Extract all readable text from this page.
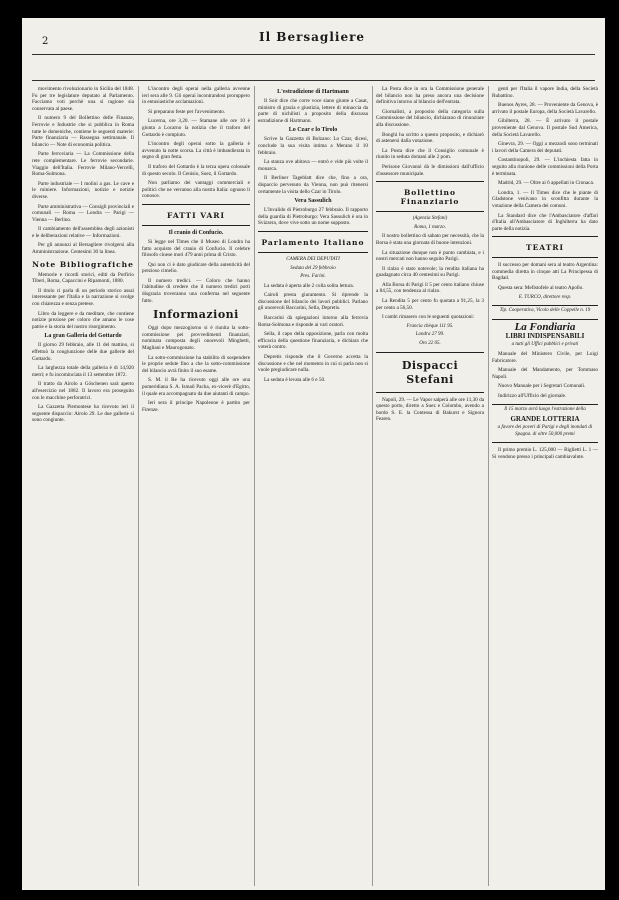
2	Il Bersagliere

movimento rivoluzionario in Sicilia del 1848. Fu per tre legislature deputato al Parlamento. Facciamo voti perchè una sì ragione sia conservata al paese.

Il numero 9 del Bollettino delle Finanze, Ferrovie e Industrie che si pubblica in Roma tutte le domeniche, contiene le seguenti materie: Parte finanziaria — Rassegna settimanale. Il bilancio — Note di economia politica.

Parte ferroviaria — La Commissione della rete complementare. Le ferrovie secondarie. Viaggio dell'Italia. Ferrovie Milano-Vercelli, Roma-Sulmona.

Parte industriale — I molini a gas. Le cave e le miniere. Informazioni, notizie e notizie diverse.

Parte amministrativa — Consigli provinciali e comunali — Roma — Londra — Parigi — Vienna — Berlino.

Il cambiamento dell'assemblea degli azionisti e le deliberazioni relative — Informazioni.

Per gli annunzi al Bersagliere rivolgersi alla Amministrazione. Centesimi 30 la linea.

Note Bibliografiche

Memorie e ricordi storici, editi da Porfirio Tiberi, Roma, Capaccini e Ripamonti, 1880.

Il titolo ci parla di un periodo storico assai interessante per l'Italia e la narrazione si svolge con chiarezza e senza pretese.

Libro da leggere e da meditare, che contiene notizie preziose per coloro che amano le cose patrie e la storia del nostro risorgimento.

La gran Galleria del Gottardo

Il giorno 29 febbraio, alle 11 del mattino, si effettuò la congiunzione delle due gallerie del Gottardo.

La larghezza totale della galleria è di 14,920 metri; e fu incominciata il 13 settembre 1872.

Il tratto da Airolo a Göschenen sarà aperto all'esercizio nel 1882. Il lavoro era proseguito con le macchine perforatrici.

La Gazzetta Piemontese ha ricevuto ieri il seguente dispaccio: Airolo 29. Le due gallerie si sono congiunte.

L'incontro degli operai nella galleria avvenne ieri sera alle 9. Gli operai incontrandosi proruppero in entusiastiche acclamazioni.

Si preparano feste per l'avvenimento.

Lucerna, ore 3,20. — Stamane alle ore 10 è giunta a Locarno la notizia che il traforo del Gottardo è compiuto.

L'incontro degli operai sotto la galleria è avvenuto la notte scorsa. La città è imbandierata in segno di gran festa.

Il traforo del Gottardo è la terza opera colossale di questo secolo. Il Cenisio, Suez, il Gottardo.

Non parliamo dei vantaggi commerciali e politici che ne verranno alla nostra Italia: ognuno li conosce.

FATTI VARI
Il cranio di Confucio.

Si legge nel Times che il Museo di Londra ha fatto acquisto del cranio di Confucio. Il celebre filosofo cinese morì 479 anni prima di Cristo.

Qui non ci è dato giudicare della autenticità del prezioso cimelio.

Il numero tredici. — Coloro che hanno l'abitudine di credere che il numero tredici porti disgrazia troveranno una conferma nel seguente fatto.

Informazioni

Oggi dopo mezzogiorno si è riunita la sotto-commissione pei provvedimenti finanziari, nominata composta degli onorevoli Minghetti, Magliani e Maurogonato.

La sotto-commissione ha stabilito di sospendere le proprie sedute fino a che la sotto-commissione del bilancio avrà finito il suo esame.

S. M. il Re ha ricevuto oggi alle ore una pomeridiana S. A. Ismail Pacha, ex-vicerè d'Egitto, il quale era accompagnato da due aiutanti di campo.

Ieri sera il principe Napoleone è partito per Firenze.

L'estradizione di Hartmann

Il Soir dice che corre voce siano giunte a Casat, ministro di grazia e giustizia, lettere di minaccia da parte di nichilisti a proposito della discussa estradizione di Hartmann.

Lo Czar e lo Tirolo

Scrive la Gazzetta di Bolzano: Lo Czar, dicesi, conclude la sua visita intima a Merano il 10 febbraio.

La stanza ove abitava — entrò e vide più volte il monarca.

Il Berliner Tageblatt dice che, fino a ora, dispaccio pervenuto da Vienna, non può ritenersi certamente la visita dello Czar in Tirolo.

Vera Sassulich

L'Invalido di Pietroburgo 27 febbraio. Il rapporto della guardia di Pietroburgo: Vera Sassulich è ora in Svizzera, dove vive sotto un nome supposto.

Parlamento Italiano
CAMERA DEI DEPUTATI
Seduta del 29 febbraio
Pres. Farini.

La seduta è aperta alle 2 colla solita lettura.

Cairoli presta giuramento. Si riprende la discussione del bilancio dei lavori pubblici. Parlano gli onorevoli Baccarini, Sella, Depretis.

Baccarini dà spiegazioni intorno alla ferrovia Roma-Solmona e risponde ai vari oratori.

Sella, il capo della opposizione, parla con molta efficacia della questione finanziaria, e dichiara che voterà contro.

Depretis risponde che il Governo accetta la discussione e che nel momento in cui si parla non si vuole pregiudicare nulla.

La seduta è levata alle 6 e 50.

La Posta dice in ora la Commissione generale del bilancio non ha preso ancora una decisione definitiva intorno al bilancio dell'entrata.

Giornalisti, a proposito della categoria sulla Commissione del bilancio, dichiarano di rinunziare alla discussione.

Bonghi ha scritto a questo proposito, e dichiarò di astenersi dalla votazione.

La Posta dice che il Consiglio comunale è riunito in seduta domani alle 2 pom.

Perisone Giovanni dà le dimissioni dall'ufficio d'assessore municipale.

Bollettino Finanziario
(Agenzia Stefani)
Roma, 1 marzo.

Il nostro bollettino di sabato per necessità, che la Borsa è stata una giornata di buone intenzioni.

La situazione dunque non è punto cambiata, e i nostri mercati non hanno seguito Parigi.

Il rialzo è stato notevole; la rendita italiana ha guadagnato circa 40 centesimi su Parigi.

Alla Borsa di Parigi il 5 per cento italiano chiuse a 84,55, con tendenza al rialzo.

La Rendita 5 per cento fu quotata a 91,25, la 3 per cento a 56,50.

I cambi rimasero con le seguenti quotazioni:

Francia chèque 111 95.
Londra 27 99.
Oro 22 05.
Dispacci Stefani

Napoli, 29. — Le Vapor salperà alle ore 11,30 da questo porto, diretto a Suez e Colombo, avendo a bordo S. E. la Contessa di Bakurst e Signora Fearen.

genti per l'Italia il vapore India, della Società Rubattino.

Buenos Ayres, 28. — Proveniente da Genova, è arrivato il postale Europa, della Società Lavarello.

Gibilterra, 28. — È arrivato il postale proveniente dal Genova. Il postale Sud America, della Società Lavarello.

Ginevra, 29. — Oggi a mezzodì sono terminati i lavori della Camera dei deputati.

Costantinopoli, 29. — L'inchiesta fatta in seguito alla riunione delle commissioni della Porta è terminata.

Madrid, 29. — Oltre ai 6 appellati in Cronaca.

Londra, 1. — Il Times dice che le piante di Gladstone venivano in sconfitta durante la votazione della Camera dei comuni.

La Standard dice che l'Ambasciatore d'affari d'Italia all'Ambasciatore di Inghilterra ha dato parte della notizia.

TEATRI

Il successo per domani sera al teatro Argentina: commedia diretta in cinque atti La Principessa di Bagdad.

Questa sera: Mefistofele al teatro Apollo.

E. TURCO, direttore resp.
Tip. Cooperativa, Vicolo delle Coppelle n. 19
La Fondiaria
LIBRI INDISPENSABILI
a tutti gli Uffici pubblici e privati

Manuale del Ministero Civile, per Luigi Fabricatore.

Manuale del Mandamento, per Tommaso Napoli.

Nuovo Manuale per i Segretari Comunali.

Indirizzo all'Ufficio del giornale.

Il 15 marzo avrà luogo l'estrazione della
GRANDE LOTTERIA
a favore dei poveri di Parigi e degli inondati di Spagna. di oltre 50,000 premi

Il primo premio L. 125,000 — Biglietti L. 1 — Si vendono presso i principali cambiavalute.
